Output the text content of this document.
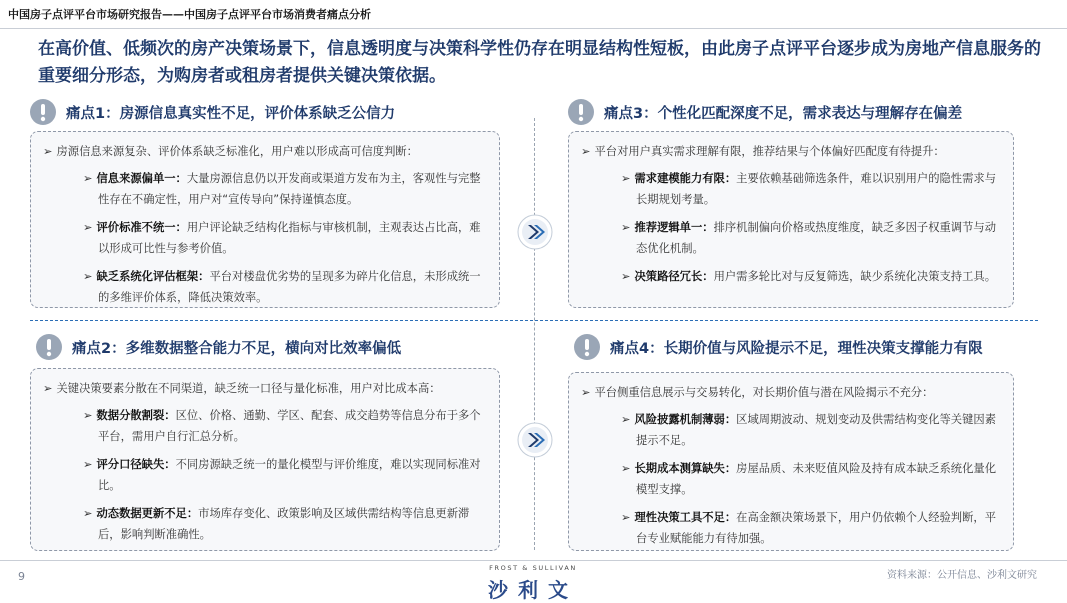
中国房子点评平台市场研究报告——中国房子点评平台市场消费者痛点分析
在高价值、低频次的房产决策场景下，信息透明度与决策科学性仍存在明显结构性短板，由此房子点评平台逐步成为房地产信息服务的重要细分形态，为购房者或租房者提供关键决策依据。
痛点1：房源信息真实性不足，评价体系缺乏公信力
➢ 房源信息来源复杂、评价体系缺乏标准化，用户难以形成高可信度判断：
➢ 信息来源偏单一：大量房源信息仍以开发商或渠道方发布为主，客观性与完整性存在不确定性，用户对“宣传导向”保持谨慎态度。
➢ 评价标准不统一：用户评论缺乏结构化指标与审核机制，主观表达占比高，难以形成可比性与参考价值。
➢ 缺乏系统化评估框架：平台对楼盘优劣势的呈现多为碎片化信息，未形成统一的多维评价体系，降低决策效率。
痛点3：个性化匹配深度不足，需求表达与理解存在偏差
➢ 平台对用户真实需求理解有限，推荐结果与个体偏好匹配度有待提升：
➢ 需求建模能力有限：主要依赖基础筛选条件，难以识别用户的隐性需求与长期规划考量。
➢ 推荐逻辑单一：排序机制偏向价格或热度维度，缺乏多因子权重调节与动态优化机制。
➢ 决策路径冗长：用户需多轮比对与反复筛选，缺少系统化决策支持工具。
痛点2：多维数据整合能力不足，横向对比效率偏低
➢ 关键决策要素分散在不同渠道，缺乏统一口径与量化标准，用户对比成本高：
➢ 数据分散割裂：区位、价格、通勤、学区、配套、成交趋势等信息分布于多个平台，需用户自行汇总分析。
➢ 评分口径缺失：不同房源缺乏统一的量化模型与评价维度，难以实现同标准对比。
➢ 动态数据更新不足：市场库存变化、政策影响及区域供需结构等信息更新滞后，影响判断准确性。
痛点4：长期价值与风险提示不足，理性决策支撑能力有限
➢ 平台侧重信息展示与交易转化，对长期价值与潜在风险揭示不充分：
➢ 风险披露机制薄弱：区域周期波动、规划变动及供需结构变化等关键因素提示不足。
➢ 长期成本测算缺失：房屋品质、未来贬值风险及持有成本缺乏系统化量化模型支撑。
➢ 理性决策工具不足：在高金额决策场景下，用户仍依赖个人经验判断，平台专业赋能能力有待加强。
9
FROST & SULLIVAN
沙利文
资料来源：公开信息、沙利文研究
